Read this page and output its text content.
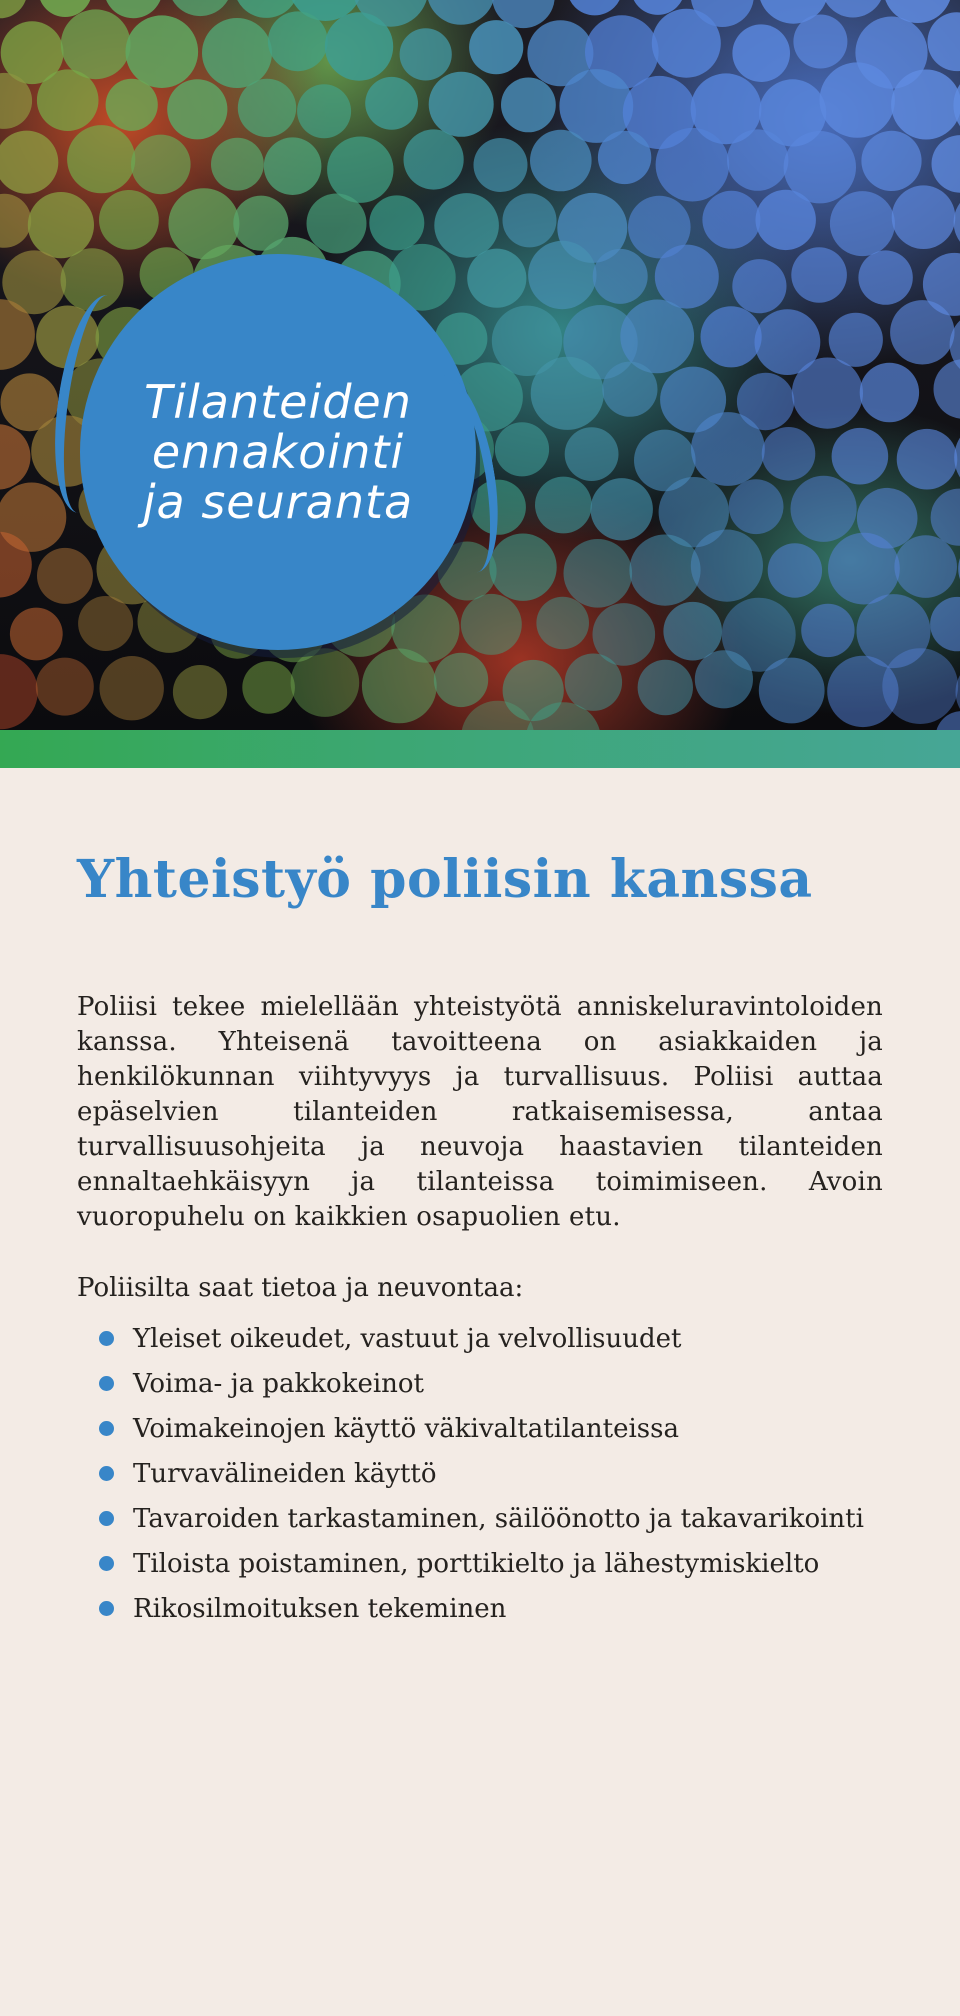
Tilanteiden
ennakointi
ja seuranta
Yhteistyö poliisin kanssa

Poliisi tekee mielellään yhteistyötä anniskeluravintoloiden kanssa. Yhteisenä tavoitteena on asiakkaiden ja henkilökunnan viihtyvyys ja turvallisuus. Poliisi auttaa epäselvien tilanteiden ratkaisemisessa, antaa turvallisuusohjeita ja neuvoja haastavien tilanteiden ennaltaehkäisyyn ja tilanteissa toimimiseen. Avoin vuoropuhelu on kaikkien osapuolien etu.

Poliisilta saat tietoa ja neuvontaa:

Yleiset oikeudet, vastuut ja velvollisuudet
Voima- ja pakkokeinot
Voimakeinojen käyttö väkivaltatilanteissa
Turvavälineiden käyttö
Tavaroiden tarkastaminen, säilöönotto ja takavarikointi
Tiloista poistaminen, porttikielto ja lähestymiskielto
Rikosilmoituksen tekeminen
